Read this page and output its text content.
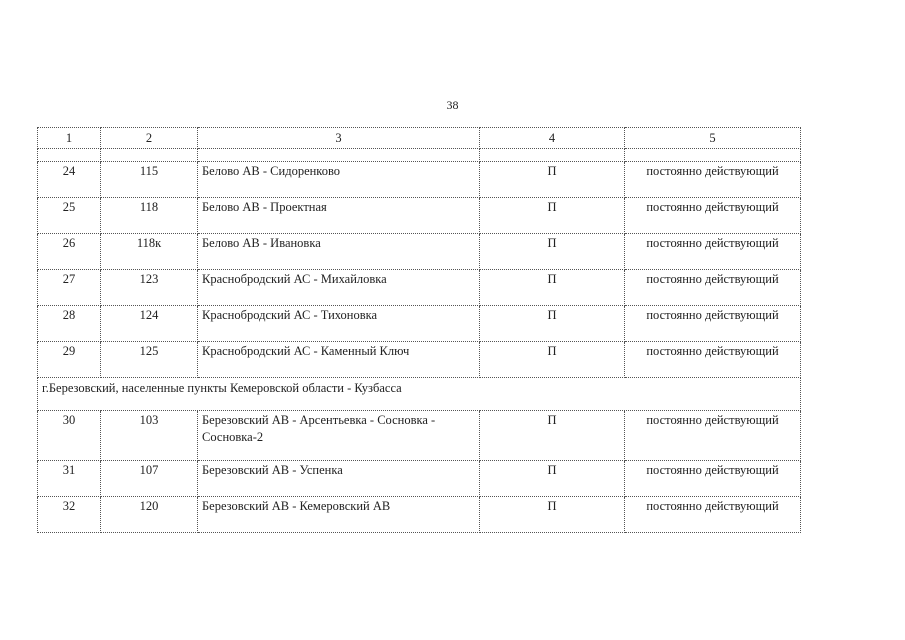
38
1	2	3	4	5

24	115	Белово АВ - Сидоренково	П	постоянно действующий
25	118	Белово АВ - Проектная	П	постоянно действующий
26	118к	Белово АВ - Ивановка	П	постоянно действующий
27	123	Краснобродский АС - Михайловка	П	постоянно действующий
28	124	Краснобродский АС - Тихоновка	П	постоянно действующий
29	125	Краснобродский АС - Каменный Ключ	П	постоянно действующий
г.Березовский, населенные пункты Кемеровской области - Кузбасса				
30	103	Березовский АВ - Арсентьевка - Сосновка - Сосновка-2	П	постоянно действующий
31	107	Березовский АВ - Успенка	П	постоянно действующий
32	120	Березовский АВ - Кемеровский АВ	П	постоянно действующий
